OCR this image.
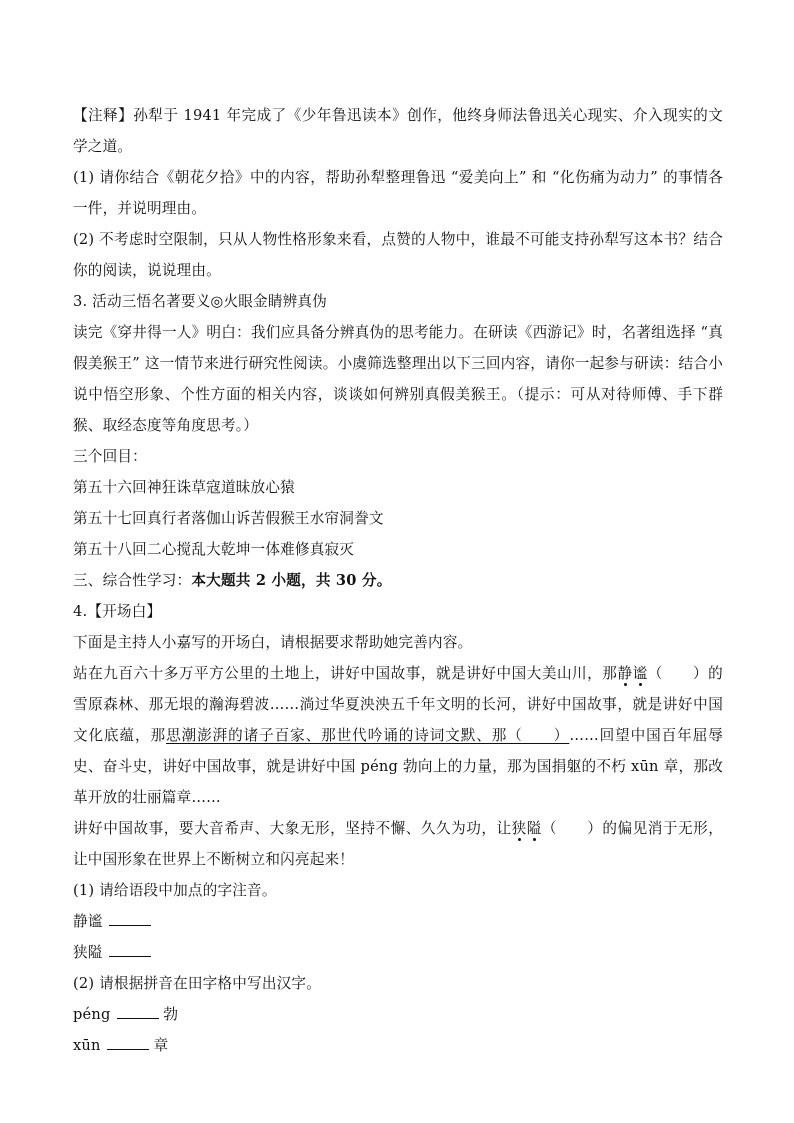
【注释】孙犁于 1941 年完成了《少年鲁迅读本》创作，他终身师法鲁迅关心现实、介入现实的文学之道。

(1) 请你结合《朝花夕拾》中的内容，帮助孙犁整理鲁迅 “爱美向上” 和 “化伤痛为动力” 的事情各一件，并说明理由。

(2) 不考虑时空限制，只从人物性格形象来看，点赞的人物中，谁最不可能支持孙犁写这本书？结合你的阅读，说说理由。

3. 活动三悟名著要义◎火眼金睛辨真伪

读完《穿井得一人》明白：我们应具备分辨真伪的思考能力。在研读《西游记》时，名著组选择 “真假美猴王” 这一情节来进行研究性阅读。小虞筛选整理出以下三回内容，请你一起参与研读：结合小说中悟空形象、个性方面的相关内容，谈谈如何辨别真假美猴王。（提示：可从对待师傅、手下群猴、取经态度等角度思考。）

三个回目：

第五十六回神狂诛草寇道昧放心猿

第五十七回真行者落伽山诉苦假猴王水帘洞誊文

第五十八回二心搅乱大乾坤一体难修真寂灭

三、综合性学习：本大题共 2 小题，共 30 分。

4.【开场白】

下面是主持人小嘉写的开场白，请根据要求帮助她完善内容。

站在九百六十多万平方公里的土地上，讲好中国故事，就是讲好中国大美山川，那静谧（　　）的雪原森林、那无垠的瀚海碧波……淌过华夏泱泱五千年文明的长河，讲好中国故事，就是讲好中国文化底蕴，那思潮澎湃的诸子百家、那世代吟诵的诗词文默、那（　　）……回望中国百年屈辱史、奋斗史，讲好中国故事，就是讲好中国 péng 勃向上的力量，那为国捐躯的不朽 xūn 章，那改革开放的壮丽篇章……

讲好中国故事，要大音希声、大象无形，坚持不懈、久久为功，让狭隘（　　）的偏见消于无形，让中国形象在世界上不断树立和闪亮起来！

(1) 请给语段中加点的字注音。

静谧

狭隘

(2) 请根据拼音在田字格中写出汉字。

péng	勃

xūn	章
